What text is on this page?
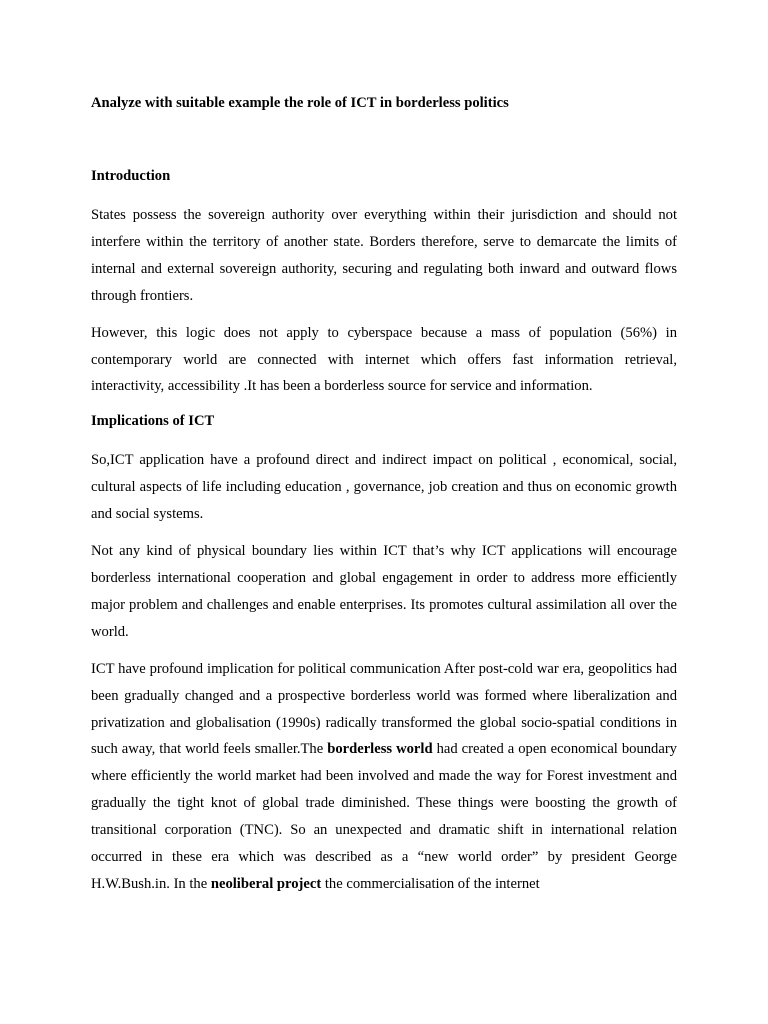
Analyze with suitable example the role of ICT in borderless politics
Introduction

States possess the sovereign authority over everything within their jurisdiction and should not interfere within the territory of another state. Borders therefore, serve to demarcate the limits of internal and external sovereign authority, securing and regulating both inward and outward flows through frontiers.

However, this logic does not apply to cyberspace because a mass of population (56%) in contemporary world are connected with internet which offers fast information retrieval, interactivity, accessibility .It has been a borderless source for service and information.

Implications of ICT

So,ICT application have a profound direct and indirect impact on political , economical, social, cultural aspects of life including education , governance, job creation and thus on economic growth and social systems.

Not any kind of physical boundary lies within ICT that’s why ICT applications will encourage borderless international cooperation and global engagement in order to address more efficiently major problem and challenges and enable enterprises. Its promotes cultural assimilation all over the world.

ICT have profound implication for political communication After post-cold war era, geopolitics had been gradually changed and a prospective borderless world was formed where liberalization and privatization and globalisation (1990s) radically transformed the global socio-spatial conditions in such away, that world feels smaller.The borderless world had created a open economical boundary where efficiently the world market had been involved and made the way for Forest investment and gradually the tight knot of global trade diminished. These things were boosting the growth of transitional corporation (TNC). So an unexpected and dramatic shift in international relation occurred in these era which was described as a “new world order” by president George H.W.Bush.in. In the neoliberal project the commercialisation of the internet
